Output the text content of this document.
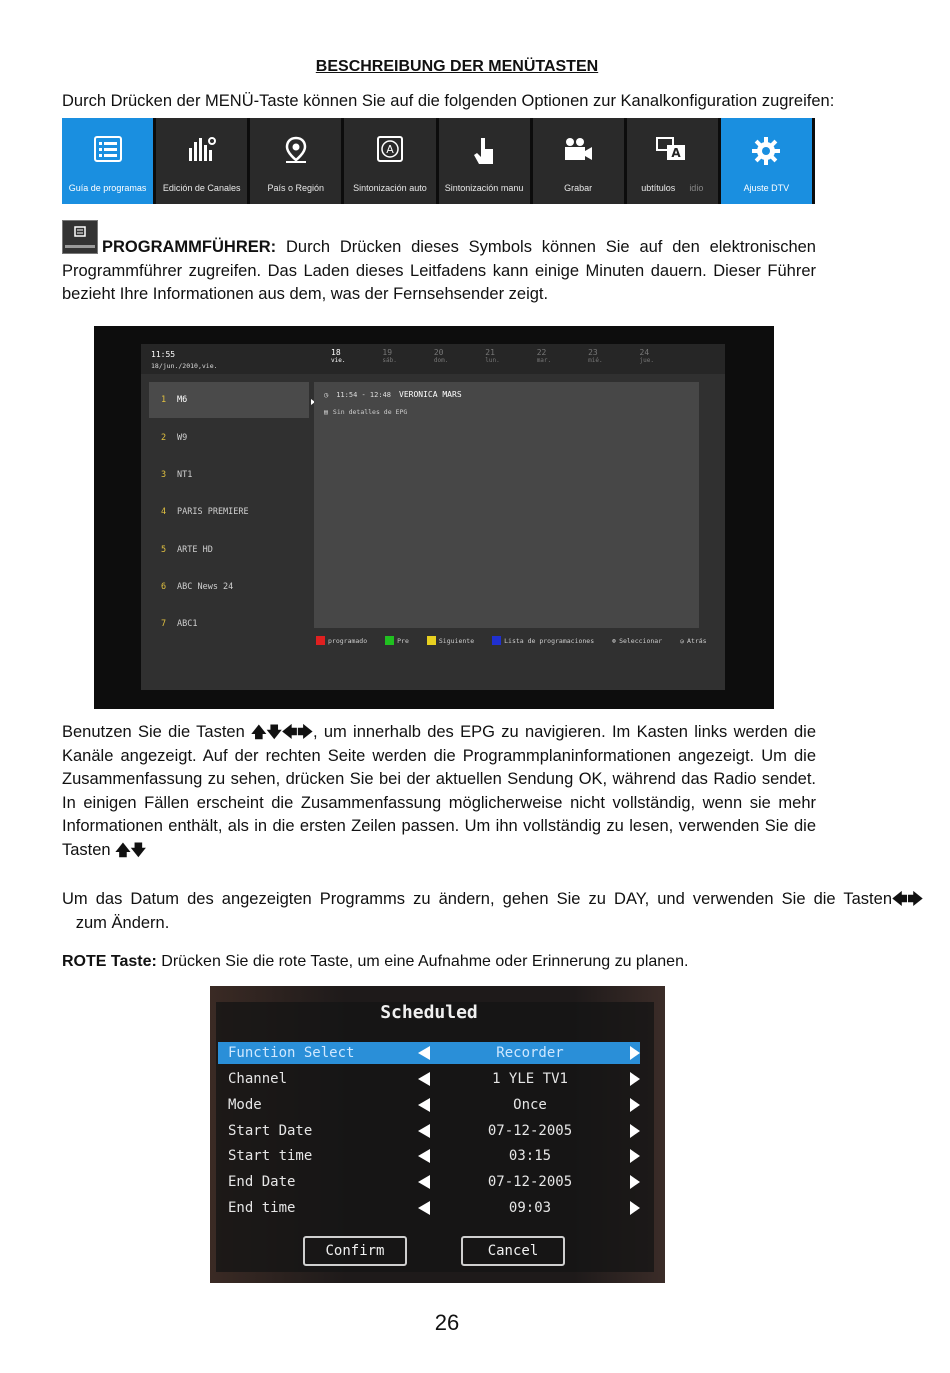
BESCHREIBUNG DER MENÜTASTEN
Durch Drücken der MENÜ-Taste können Sie auf die folgenden Optionen zur Kanalkonfiguration zugreifen:
Guía de programas Edición de Canales	País o Región
A
Sintonización auto Sintonización manu	Grabar
A
ubtítulos idio	Ajuste DTV
PROGRAMMFÜHRER: Durch Drücken dieses Symbols können Sie auf den elektronischen Programmführer zugreifen. Das Laden dieses Leitfadens kann einige Minuten dauern. Dieser Führer bezieht Ihre Informationen aus dem, was der Fernsehsender zeigt.
11:55
18/jun./2010,vie.
18
vie.
19
sáb.
20
dom.
21
lun.
22
mar.
23
mié.
24
jue.
1	M6
2	W9
3	NT1
4	PARIS PREMIERE
5	ARTE HD
6	ABC News 24
7	ABC1
◷ 11:54 - 12:48 VERONICA MARS
▤ Sin detalles de EPG
programado	Pre	Siguiente	Lista de programaciones	⊛ Seleccionar	◶ Atrás
Benutzen Sie die Tasten 🡅🡇🡄🡆, um innerhalb des EPG zu navigieren. Im Kasten links werden die Kanäle angezeigt. Auf der rechten Seite werden die Programmplaninformationen angezeigt. Um die Zusammenfassung zu sehen, drücken Sie bei der aktuellen Sendung OK, während das Radio sendet. In einigen Fällen erscheint die Zusammenfassung möglicherweise nicht vollständig, wenn sie mehr Informationen enthält, als in die ersten Zeilen passen. Um ihn vollständig zu lesen, verwenden Sie die Tasten 🡅🡇
Um das Datum des angezeigten Programms zu ändern, gehen Sie zu DAY, und verwenden Sie die Tasten🡄🡆   zum Ändern.
ROTE Taste: Drücken Sie die rote Taste, um eine Aufnahme oder Erinnerung zu planen.
Scheduled
Function Select	Recorder
Channel	1 YLE TV1
Mode	Once
Start Date	07-12-2005
Start time	03:15
End Date	07-12-2005
End time	09:03
Confirm	Cancel
26
